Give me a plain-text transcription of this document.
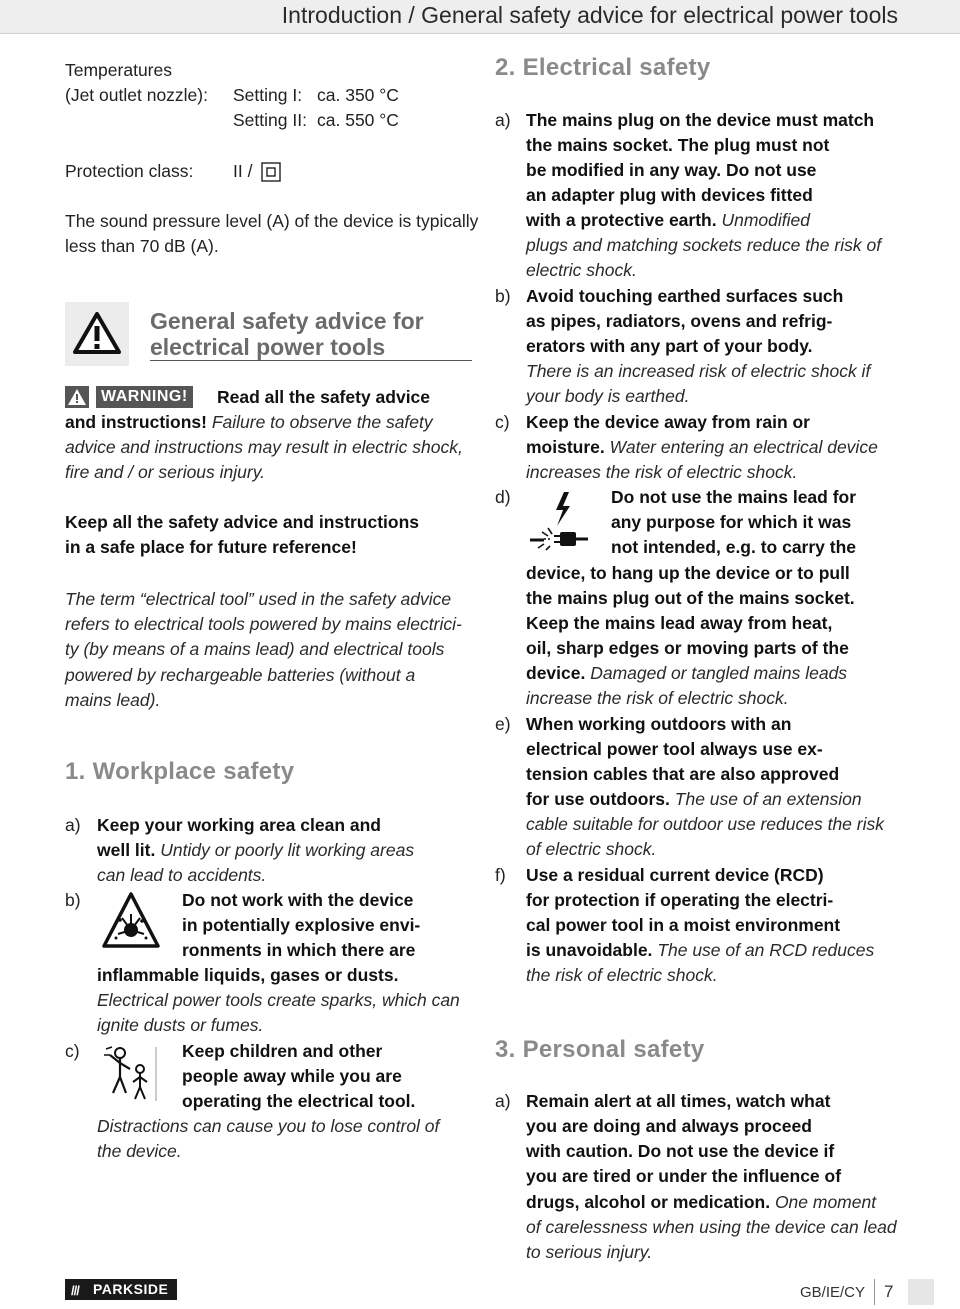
Introduction / General safety advice for electrical power tools
Temperatures
(Jet outlet nozzle): Setting I: ca. 350 °C
Setting II: ca. 550 °C
Protection class: II /
The sound pressure level (A) of the device is typically
less than 70 dB (A).
General safety advice for
electrical power tools
WARNING! Read all the safety advice
and instructions! Failure to observe the safety
advice and instructions may result in electric shock,
fire and / or serious injury.
Keep all the safety advice and instructions
in a safe place for future reference!
The term “electrical tool” used in the safety advice
refers to electrical tools powered by mains electrici-
ty (by means of a mains lead) and electrical tools
powered by rechargeable batteries (without a
mains lead).
1. Workplace safety
a) Keep your working area clean and
well lit. Untidy or poorly lit working areas
can lead to accidents.
b)	Do not work with the device
in potentially explosive envi-
ronments in which there are
inflammable liquids, gases or dusts.
Electrical power tools create sparks, which can
ignite dusts or fumes.
c)	Keep children and other
people away while you are
operating the electrical tool.
Distractions can cause you to lose control of
the device.
2. Electrical safety
a) The mains plug on the device must match
the mains socket. The plug must not
be modified in any way. Do not use
an adapter plug with devices fitted
with a protective earth. Unmodified
plugs and matching sockets reduce the risk of
electric shock.
b) Avoid touching earthed surfaces such
as pipes, radiators, ovens and refrig-
erators with any part of your body.
There is an increased risk of electric shock if
your body is earthed.
c) Keep the device away from rain or
moisture. Water entering an electrical device
increases the risk of electric shock.
d)	Do not use the mains lead for
any purpose for which it was
not intended, e.g. to carry the
device, to hang up the device or to pull
the mains plug out of the mains socket.
Keep the mains lead away from heat,
oil, sharp edges or moving parts of the
device. Damaged or tangled mains leads
increase the risk of electric shock.
e) When working outdoors with an
electrical power tool always use ex-
tension cables that are also approved
for use outdoors. The use of an extension
cable suitable for outdoor use reduces the risk
of electric shock.
f) Use a residual current device (RCD)
for protection if operating the electri-
cal power tool in a moist environment
is unavoidable. The use of an RCD reduces
the risk of electric shock.
3. Personal safety
a) Remain alert at all times, watch what
you are doing and always proceed
with caution. Do not use the device if
you are tired or under the influence of
drugs, alcohol or medication. One moment
of carelessness when using the device can lead
to serious injury.
/// PARKSIDE	GB/IE/CY 7
